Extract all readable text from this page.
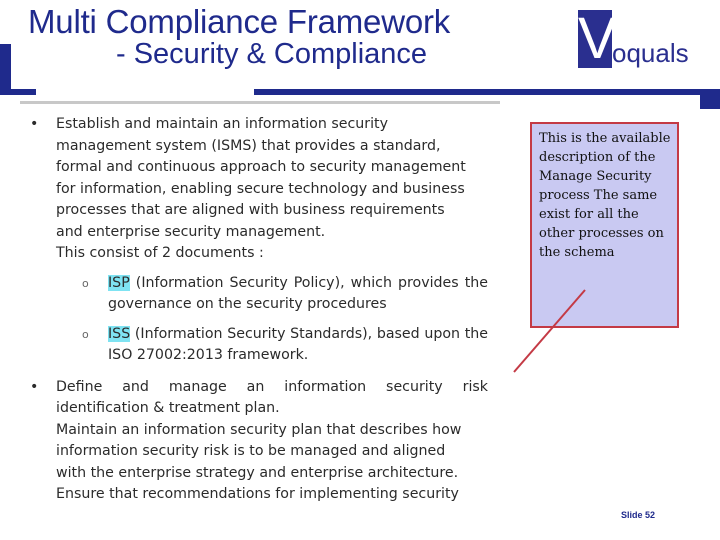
Multi Compliance Framework
- Security & Compliance	V
oquals
• Establish and maintain an information security
management system (ISMS) that provides a standard,
formal and continuous approach to security management
for information, enabling secure technology and business
processes that are aligned with business requirements
and enterprise security management.
This consist of 2 documents :
o ISP (Information Security Policy), which provides the governance on the security procedures
o ISS (Information Security Standards), based upon the ISO 27002:2013 framework.
• Define and manage an information security risk
identification & treatment plan.
Maintain an information security plan that describes how
information security risk is to be managed and aligned
with the enterprise strategy and enterprise architecture.
Ensure that recommendations for implementing security
This is the available description of the Manage Security process The same exist for all the other processes on the schema
Slide 52
